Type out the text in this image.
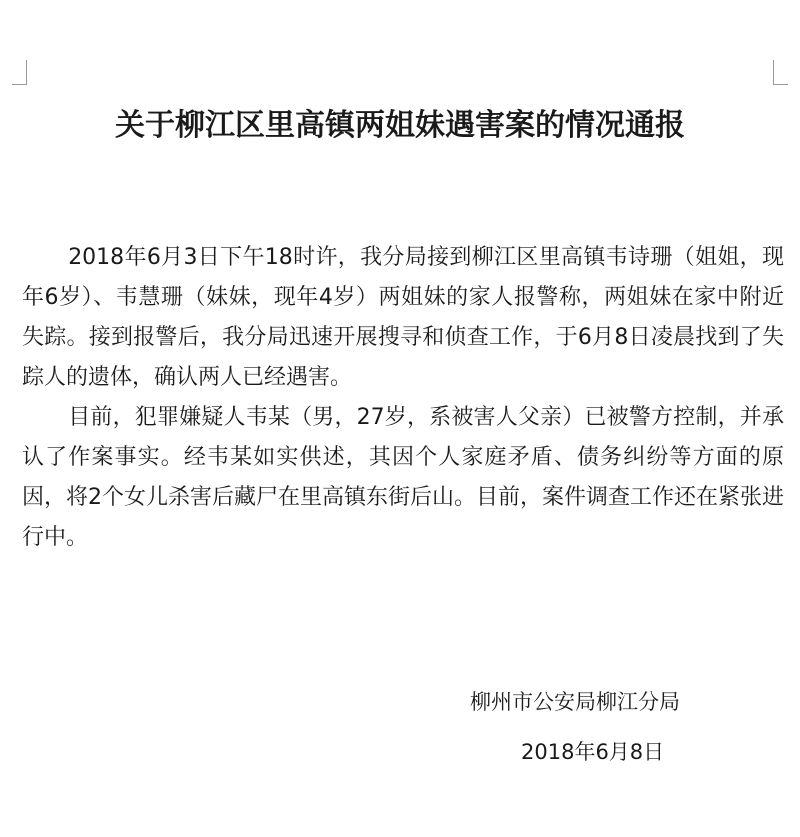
关于柳江区里高镇两姐妹遇害案的情况通报

2018年6月3日下午18时许，我分局接到柳江区里高镇韦诗珊（姐姐，现年6岁）、韦慧珊（妹妹，现年4岁）两姐妹的家人报警称，两姐妹在家中附近失踪。接到报警后，我分局迅速开展搜寻和侦查工作，于6月8日凌晨找到了失踪人的遗体，确认两人已经遇害。

目前，犯罪嫌疑人韦某（男，27岁，系被害人父亲）已被警方控制，并承认了作案事实。经韦某如实供述，其因个人家庭矛盾、债务纠纷等方面的原因，将2个女儿杀害后藏尸在里高镇东街后山。目前，案件调查工作还在紧张进行中。

柳州市公安局柳江分局
2018年6月8日
